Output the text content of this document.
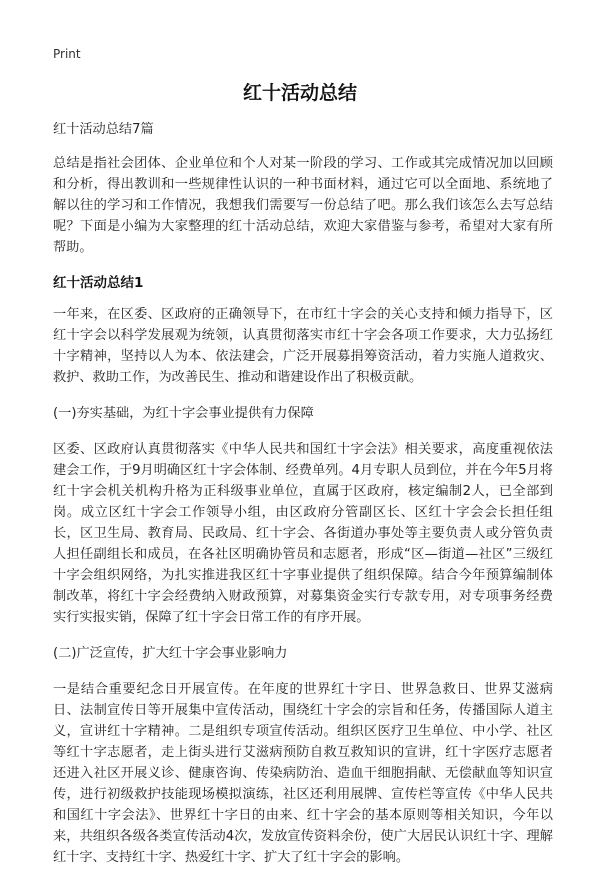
Print
红十活动总结

红十活动总结7篇

总结是指社会团体、企业单位和个人对某一阶段的学习、工作或其完成情况加以回顾和分析，得出教训和一些规律性认识的一种书面材料，通过它可以全面地、系统地了解以往的学习和工作情况，我想我们需要写一份总结了吧。那么我们该怎么去写总结呢？下面是小编为大家整理的红十活动总结，欢迎大家借鉴与参考，希望对大家有所帮助。

红十活动总结1

一年来，在区委、区政府的正确领导下，在市红十字会的关心支持和倾力指导下，区红十字会以科学发展观为统领，认真贯彻落实市红十字会各项工作要求，大力弘扬红十字精神，坚持以人为本、依法建会，广泛开展募捐筹资活动，着力实施人道救灾、救护、救助工作，为改善民生、推动和谐建设作出了积极贡献。

(一)夯实基础，为红十字会事业提供有力保障

区委、区政府认真贯彻落实《中华人民共和国红十字会法》相关要求，高度重视依法建会工作，于9月明确区红十字会体制、经费单列。4月专职人员到位，并在今年5月将红十字会机关机构升格为正科级事业单位，直属于区政府，核定编制2人，已全部到岗。成立区红十字会工作领导小组，由区政府分管副区长、区红十字会会长担任组长，区卫生局、教育局、民政局、红十字会、各街道办事处等主要负责人或分管负责人担任副组长和成员，在各社区明确协管员和志愿者，形成“区—街道—社区”三级红十字会组织网络，为扎实推进我区红十字事业提供了组织保障。结合今年预算编制体制改革，将红十字会经费纳入财政预算，对募集资金实行专款专用，对专项事务经费实行实报实销，保障了红十字会日常工作的有序开展。

(二)广泛宣传，扩大红十字会事业影响力

一是结合重要纪念日开展宣传。在年度的世界红十字日、世界急救日、世界艾滋病日、法制宣传日等开展集中宣传活动，围绕红十字会的宗旨和任务，传播国际人道主义，宣讲红十字精神。二是组织专项宣传活动。组织区医疗卫生单位、中小学、社区等红十字志愿者，走上街头进行艾滋病预防自救互救知识的宣讲，红十字医疗志愿者还进入社区开展义诊、健康咨询、传染病防治、造血干细胞捐献、无偿献血等知识宣传，进行初级救护技能现场模拟演练，社区还利用展牌、宣传栏等宣传《中华人民共和国红十字会法》、世界红十字日的由来、红十字会的基本原则等相关知识，今年以来，共组织各级各类宣传活动4次，发放宣传资料余份，使广大居民认识红十字、理解红十字、支持红十字、热爱红十字、扩大了红十字会的影响。
